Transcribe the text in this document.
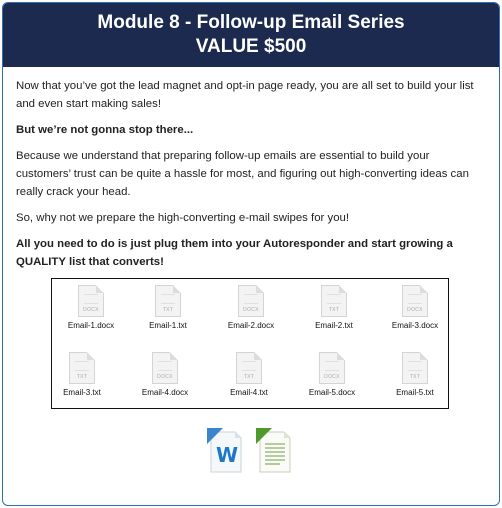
Module 8 - Follow-up Email Series
VALUE $500

Now that you’ve got the lead magnet and opt-in page ready, you are all set to build your list and even start making sales!

But we’re not gonna stop there...

Because we understand that preparing follow-up emails are essential to build your customers’ trust can be quite a hassle for most, and figuring out high-converting ideas can really crack your head.

So, why not we prepare the high-converting e-mail swipes for you!

All you need to do is just plug them into your Autoresponder and start growing a QUALITY list that converts!

DOCX
Email-1.docx
TXT
Email-1.txt
DOCX
Email-2.docx
TXT
Email-2.txt
DOCX
Email-3.docx
TXT
Email-3.txt
DOCX
Email-4.docx
TXT
Email-4.txt
DOCX
Email-5.docx
TXT
Email-5.txt
W
